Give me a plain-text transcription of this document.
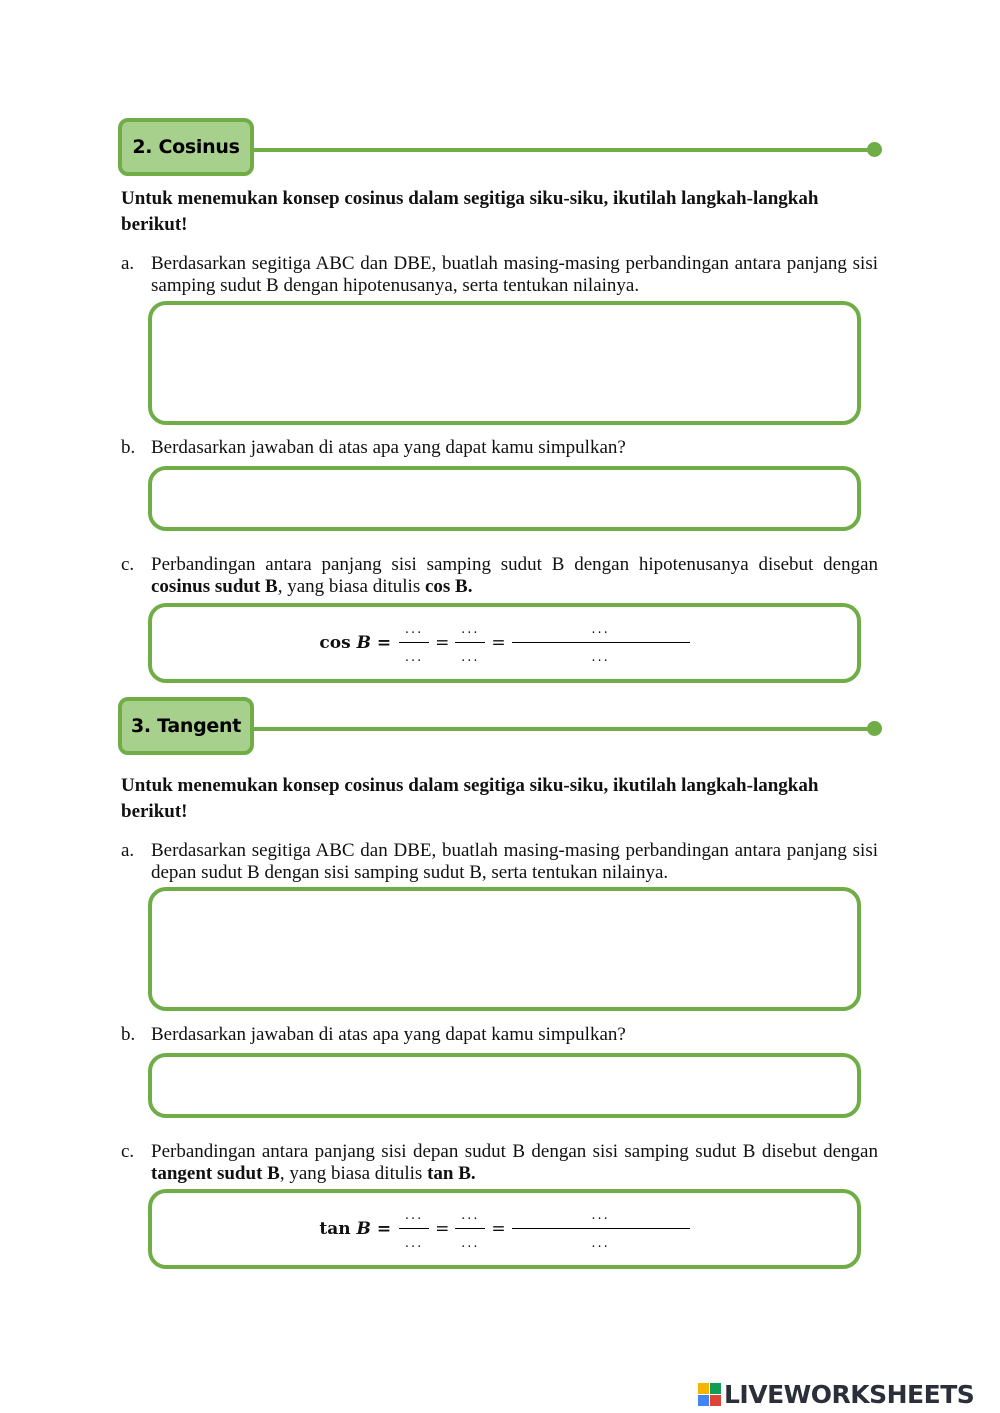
2. Cosinus

Untuk menemukan konsep cosinus dalam segitiga siku-siku, ikutilah langkah-langkah berikut!

a. Berdasarkan segitiga ABC dan DBE, buatlah masing-masing perbandingan antara panjang sisi samping sudut B dengan hipotenusanya, serta tentukan nilainya.
b. Berdasarkan jawaban di atas apa yang dapat kamu simpulkan?
c. Perbandingan antara panjang sisi samping sudut B dengan hipotenusanya disebut dengan cosinus sudut B, yang biasa ditulis cos B.
$\cos B = \frac{...}{...} = \frac{...}{...} = \frac{...}{...}$
3. Tangent

Untuk menemukan konsep cosinus dalam segitiga siku-siku, ikutilah langkah-langkah berikut!

a. Berdasarkan segitiga ABC dan DBE, buatlah masing-masing perbandingan antara panjang sisi depan sudut B dengan sisi samping sudut B, serta tentukan nilainya.
b. Berdasarkan jawaban di atas apa yang dapat kamu simpulkan?
c. Perbandingan antara panjang sisi depan sudut B dengan sisi samping sudut B disebut dengan tangent sudut B, yang biasa ditulis tan B.
$\tan B = \frac{...}{...} = \frac{...}{...} = \frac{...}{...}$
LIVEWORKSHEETS
